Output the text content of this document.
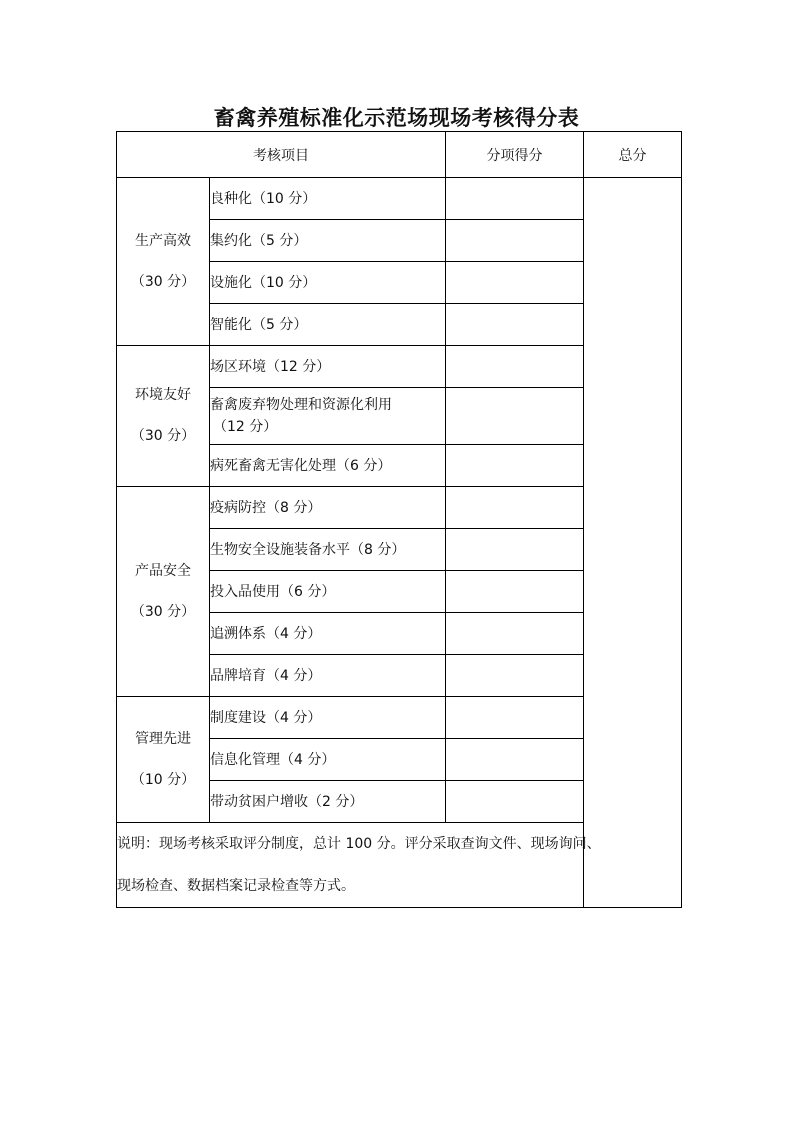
畜禽养殖标准化示范场现场考核得分表
考核项目		分项得分	总分

生产高效
（30 分）	良种化（10 分）		
	集约化（5 分）		
	设施化（10 分）		
	智能化（5 分）		

环境友好
（30 分）	场区环境（12 分）		

	畜禽废弃物处理和资源化利用
（12 分）		

	病死畜禽无害化处理（6 分）		

产品安全
（30 分）	疫病防控（8 分）		
	生物安全设施装备水平（8 分）		
	投入品使用（6 分）		
	追溯体系（4 分）		
	品牌培育（4 分）		

管理先进
（10 分）	制度建设（4 分）		
	信息化管理（4 分）		
	带动贫困户增收（2 分）		

说明：现场考核采取评分制度，总计 100 分。评分采取查询文件、现场询问、
现场检查、数据档案记录检查等方式。			
